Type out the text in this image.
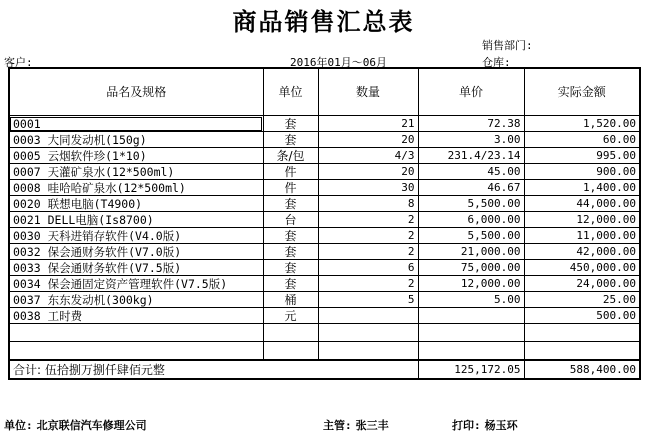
商品销售汇总表
销售部门:
客户:	2016年01月～06月	仓库:
品名及规格	单位	数量	单价	实际金额
0001	套	21	72.38	1,520.00
0003 大同发动机(150g)	套	20	3.00	60.00
0005 云烟软件珍(1*10)	条/包	4/3	231.4/23.14	995.00
0007 天灌矿泉水(12*500ml)	件	20	45.00	900.00
0008 哇哈哈矿泉水(12*500ml)	件	30	46.67	1,400.00
0020 联想电脑(T4900)	套	8	5,500.00	44,000.00
0021 DELL电脑(Is8700)	台	2	6,000.00	12,000.00
0030 天科进销存软件(V4.0版)	套	2	5,500.00	11,000.00
0032 保会通财务软件(V7.0版)	套	2	21,000.00	42,000.00
0033 保会通财务软件(V7.5版)	套	6	75,000.00	450,000.00
0034 保会通固定资产管理软件(V7.5版)	套	2	12,000.00	24,000.00
0037 东东发动机(300kg)	桶	5	5.00	25.00
0038 工时费	元			500.00

合计: 伍拾捌万捌仟肆佰元整			125,172.05	588,400.00
单位: 北京联信汽车修理公司	主管: 张三丰	打印: 杨玉环
